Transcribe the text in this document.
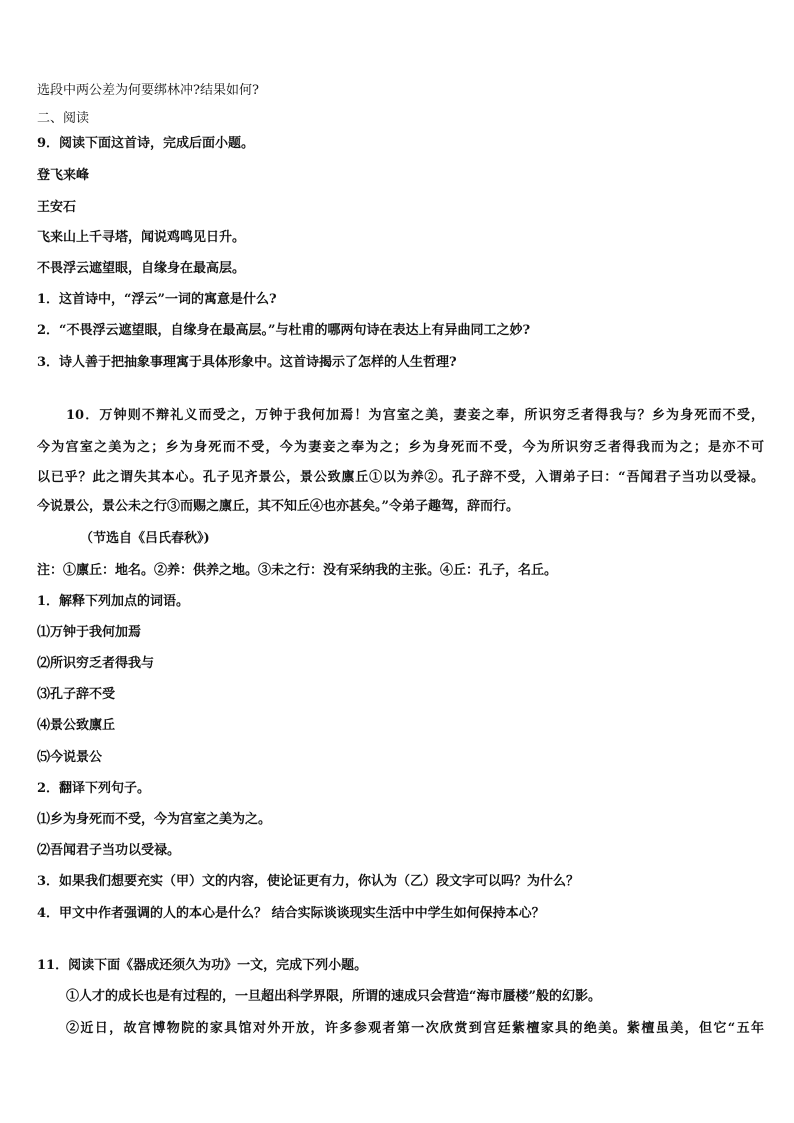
选段中两公差为何要绑林冲?结果如何?
二、阅读
9．阅读下面这首诗，完成后面小题。
登飞来峰
王安石
飞来山上千寻塔，闻说鸡鸣见日升。
不畏浮云遮望眼，自缘身在最高层。
1．这首诗中，“浮云”一词的寓意是什么?
2．“不畏浮云遮望眼，自缘身在最高层。”与杜甫的哪两句诗在表达上有异曲同工之妙?
3．诗人善于把抽象事理寓于具体形象中。这首诗揭示了怎样的人生哲理?
10．万钟则不辩礼义而受之，万钟于我何加焉！为宫室之美，妻妾之奉，所识穷乏者得我与？乡为身死而不受，
今为宫室之美为之；乡为身死而不受，今为妻妾之奉为之；乡为身死而不受，今为所识穷乏者得我而为之；是亦不可
以已乎？此之谓失其本心。孔子见齐景公，景公致廪丘①以为养②。孔子辞不受，入谓弟子曰：“吾闻君子当功以受禄。
今说景公，景公未之行③而赐之廪丘，其不知丘④也亦甚矣。”令弟子趣驾，辞而行。
（节选自《吕氏春秋》)
注：①廪丘：地名。②养：供养之地。③未之行：没有采纳我的主张。④丘：孔子，名丘。
1．解释下列加点的词语。
⑴万钟于我何加焉
⑵所识穷乏者得我与
⑶孔子辞不受
⑷景公致廪丘
⑸今说景公
2．翻译下列句子。
⑴乡为身死而不受，今为宫室之美为之。
⑵吾闻君子当功以受禄。
3．如果我们想要充实（甲）文的内容，使论证更有力，你认为（乙）段文字可以吗？为什么？
4．甲文中作者强调的人的本心是什么？ 结合实际谈谈现实生活中中学生如何保持本心？
11．阅读下面《器成还须久为功》一文，完成下列小题。
①人才的成长也是有过程的，一旦超出科学界限，所谓的速成只会营造“海市蜃楼”般的幻影。
②近日，故宫博物院的家具馆对外开放，许多参观者第一次欣赏到宫廷紫檀家具的绝美。紫檀虽美，但它“五年
